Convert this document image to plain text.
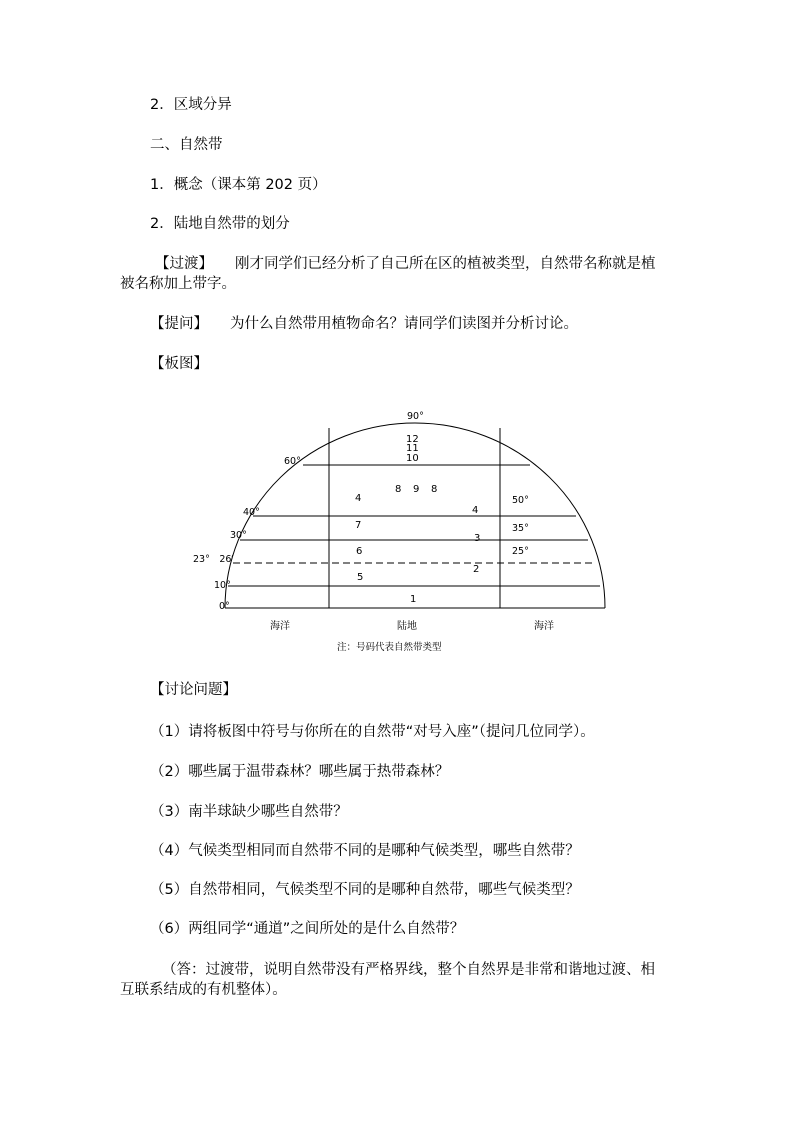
2．区域分异
二、自然带
1．概念（课本第 202 页）
2．陆地自然带的划分
【过渡】 刚才同学们已经分析了自己所在区的植被类型，自然带名称就是植被名称加上带字。
【提问】 为什么自然带用植物命名？请同学们读图并分析讨论。
【板图】
90°
60°
40°
30°
23°　26′
10°
0°
50°
35°
25°
12
11
10
8 9 8
4
4
7
3
6
2
5
1
海洋	陆地	海洋
注：号码代表自然带类型
【讨论问题】
（1）请将板图中符号与你所在的自然带“对号入座”（提问几位同学）。
（2）哪些属于温带森林？哪些属于热带森林？
（3）南半球缺少哪些自然带？
（4）气候类型相同而自然带不同的是哪种气候类型，哪些自然带？
（5）自然带相同，气候类型不同的是哪种自然带，哪些气候类型？
（6）两组同学“通道”之间所处的是什么自然带？
（答：过渡带，说明自然带没有严格界线，整个自然界是非常和谐地过渡、相互联系结成的有机整体）。
